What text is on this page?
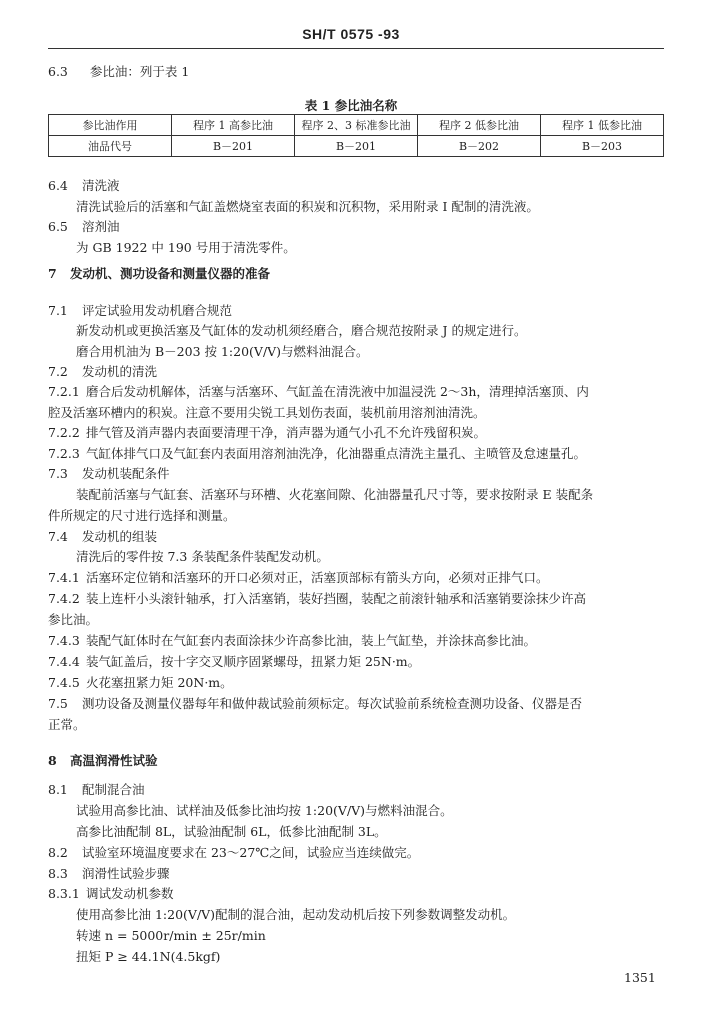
SH/T 0575 -93
6.3 参比油：列于表 1
表 1 参比油名称
参比油作用	程序 1 高参比油	程序 2、3 标准参比油	程序 2 低参比油	程序 1 低参比油
油品代号	B－201	B－201	B－202	B－203
6.4 清洗液
清洗试验后的活塞和气缸盖燃烧室表面的积炭和沉积物，采用附录 I 配制的清洗液。
6.5 溶剂油
为 GB 1922 中 190 号用于清洗零件。
7 发动机、测功设备和测量仪器的准备
7.1 评定试验用发动机磨合规范
新发动机或更换活塞及气缸体的发动机须经磨合，磨合规范按附录 J 的规定进行。
磨合用机油为 B－203 按 1:20(V/V)与燃料油混合。
7.2 发动机的清洗
7.2.1 磨合后发动机解体，活塞与活塞环、气缸盖在清洗液中加温浸洗 2～3h，清理掉活塞顶、内
腔及活塞环槽内的积炭。注意不要用尖锐工具划伤表面，装机前用溶剂油清洗。
7.2.2 排气管及消声器内表面要清理干净，消声器为通气小孔不允许残留积炭。
7.2.3 气缸体排气口及气缸套内表面用溶剂油洗净，化油器重点清洗主量孔、主喷管及怠速量孔。
7.3 发动机装配条件
装配前活塞与气缸套、活塞环与环槽、火花塞间隙、化油器量孔尺寸等，要求按附录 E 装配条
件所规定的尺寸进行选择和测量。
7.4 发动机的组装
清洗后的零件按 7.3 条装配条件装配发动机。
7.4.1 活塞环定位销和活塞环的开口必须对正，活塞顶部标有箭头方向，必须对正排气口。
7.4.2 装上连杆小头滚针轴承，打入活塞销，装好挡圈，装配之前滚针轴承和活塞销要涂抹少许高
参比油。
7.4.3 装配气缸体时在气缸套内表面涂抹少许高参比油，装上气缸垫，并涂抹高参比油。
7.4.4 装气缸盖后，按十字交叉顺序固紧螺母，扭紧力矩 25N·m。
7.4.5 火花塞扭紧力矩 20N·m。
7.5 测功设备及测量仪器每年和做仲裁试验前须标定。每次试验前系统检查测功设备、仪器是否
正常。
8 高温润滑性试验
8.1 配制混合油
试验用高参比油、试样油及低参比油均按 1:20(V/V)与燃料油混合。
高参比油配制 8L，试验油配制 6L，低参比油配制 3L。
8.2 试验室环境温度要求在 23～27℃之间，试验应当连续做完。
8.3 润滑性试验步骤
8.3.1 调试发动机参数
使用高参比油 1:20(V/V)配制的混合油，起动发动机后按下列参数调整发动机。
转速 n = 5000r/min ± 25r/min
扭矩 P ≥ 44.1N(4.5kgf)
1351
